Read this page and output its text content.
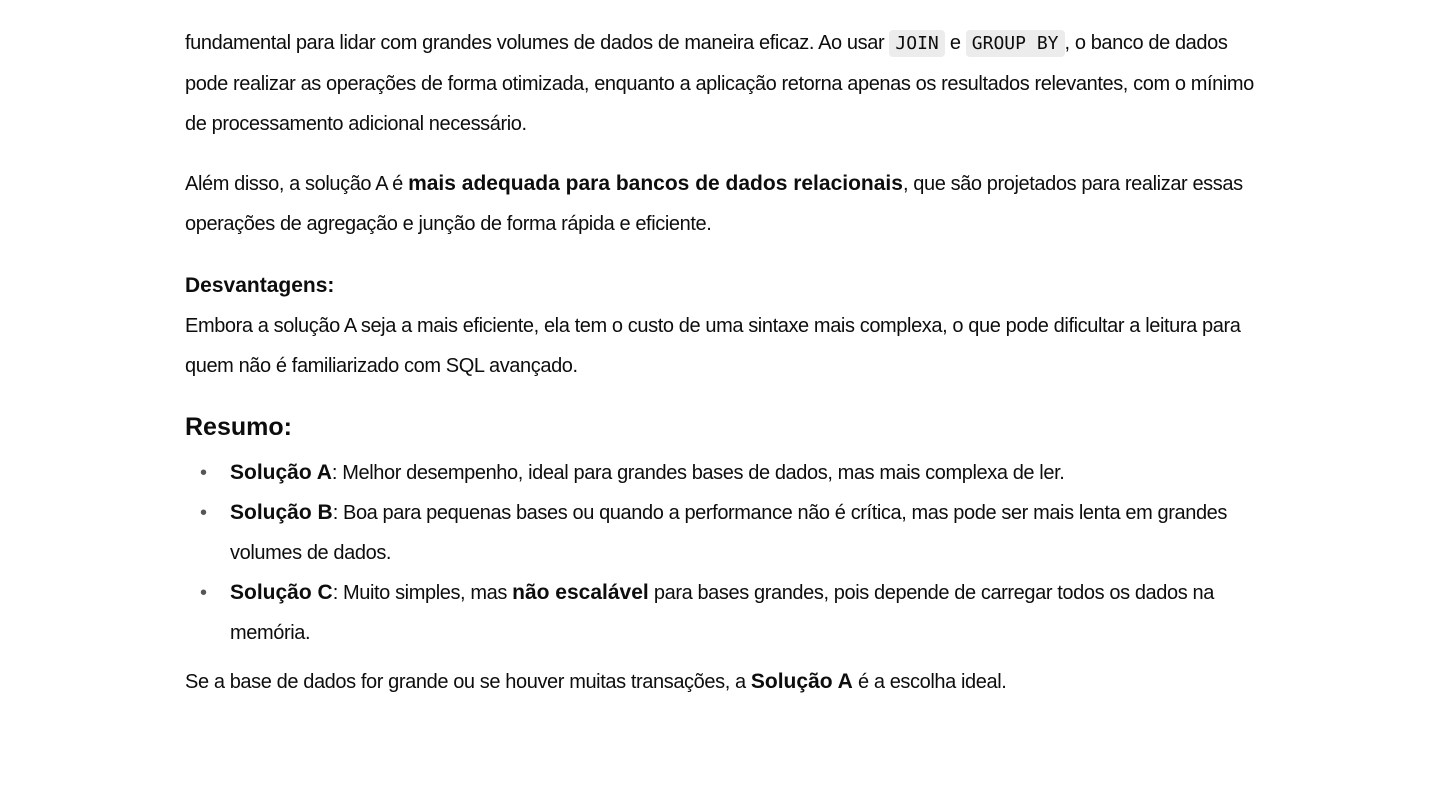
fundamental para lidar com grandes volumes de dados de maneira eficaz. Ao usar JOIN e GROUP BY , o banco de dados pode realizar as operações de forma otimizada, enquanto a aplicação retorna apenas os resultados relevantes, com o mínimo de processamento adicional necessário.

Além disso, a solução A é mais adequada para bancos de dados relacionais, que são projetados para realizar essas operações de agregação e junção de forma rápida e eficiente.

Desvantagens:

Embora a solução A seja a mais eficiente, ela tem o custo de uma sintaxe mais complexa, o que pode dificultar a leitura para quem não é familiarizado com SQL avançado.

Resumo:
• Solução A: Melhor desempenho, ideal para grandes bases de dados, mas mais complexa de ler.
• Solução B: Boa para pequenas bases ou quando a performance não é crítica, mas pode ser mais lenta em grandes volumes de dados.
• Solução C: Muito simples, mas não escalável para bases grandes, pois depende de carregar todos os dados na memória.

Se a base de dados for grande ou se houver muitas transações, a Solução A é a escolha ideal.
